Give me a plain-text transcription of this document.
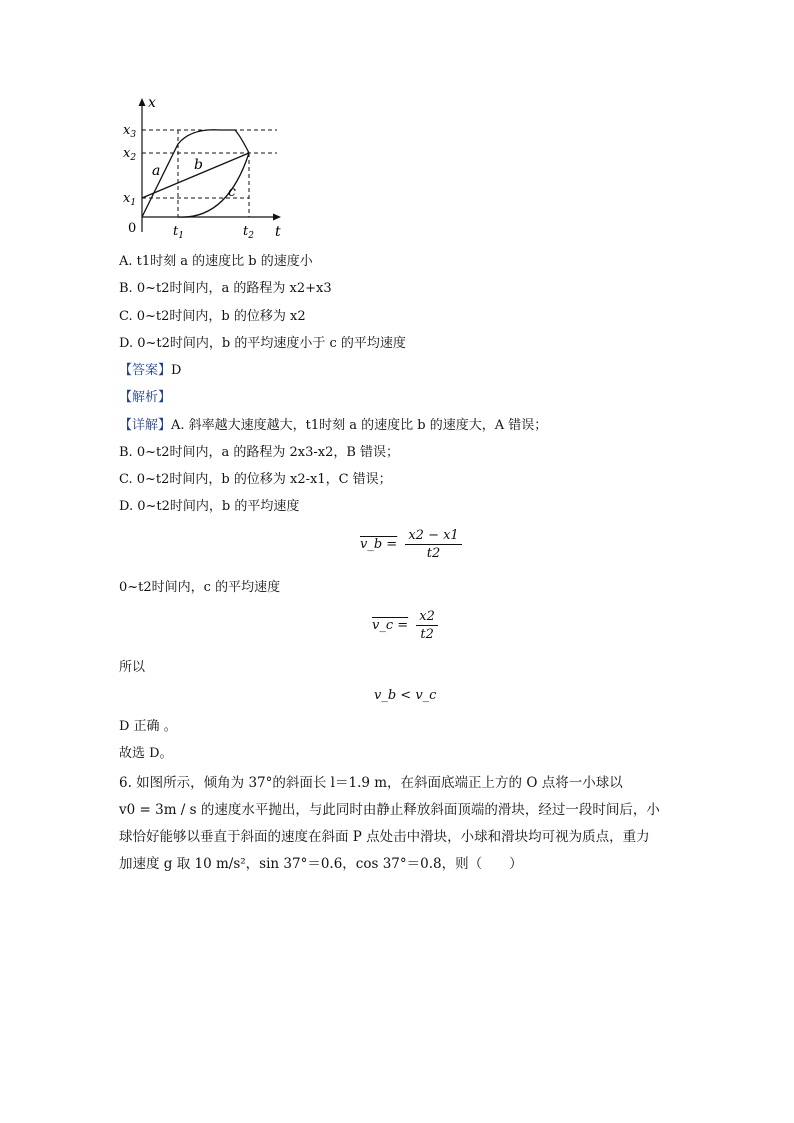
x
t
0
$x_3$
$x_2$
$x_1$
$t_1$	$t_2$
a b
c
A. t1时刻 a 的速度比 b 的速度小
B. 0~t2时间内，a 的路程为 x2+x3
C. 0~t2时间内，b 的位移为 x2
D. 0~t2时间内，b 的平均速度小于 c 的平均速度
【答案】D
【解析】
【详解】A. 斜率越大速度越大，t1时刻 a 的速度比 b 的速度大，A 错误；
B. 0~t2时间内，a 的路程为 2x3-x2，B 错误；
C. 0~t2时间内，b 的位移为 x2-x1，C 错误；
D. 0~t2时间内，b 的平均速度
v_b = $\frac{x2 - x1}{t2}$
0~t2时间内，c 的平均速度
v_c = $\frac{x2}{t2}$
所以
v_b < v_c
D 正确 。
故选 D。

6. 如图所示，倾角为 37°的斜面长 l＝1.9 m，在斜面底端正上方的 O 点将一小球以

v0 = 3m / s 的速度水平抛出，与此同时由静止释放斜面顶端的滑块，经过一段时间后，小

球恰好能够以垂直于斜面的速度在斜面 P 点处击中滑块，小球和滑块均可视为质点，重力

加速度 g 取 10 m/s²，sin 37°＝0.6，cos 37°＝0.8，则（　　）
